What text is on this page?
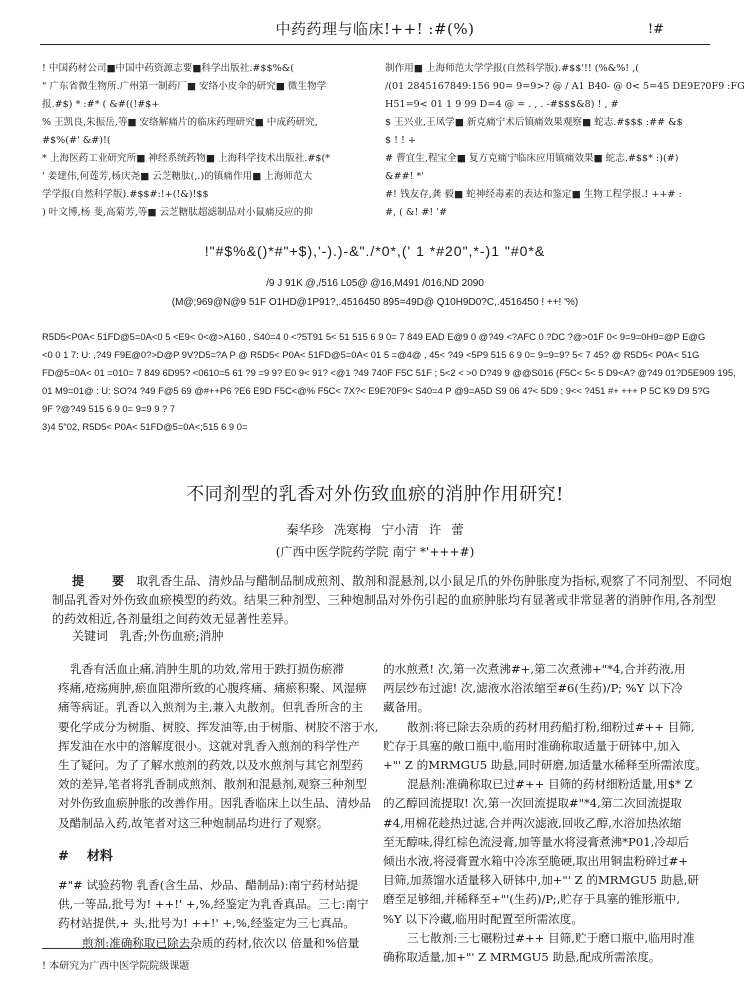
中药药理与临床!++! :#(%)	!#
! 中国药材公司■中国中药资源志要■科学出版社.#$$%&(
" 广东省微生物所.广州第一制药厂■ 安络小皮伞的研究■ 微生物学
报.#$) * :#* ( &#((!#$+
% 王凯良,朱振岳,等■ 安络解痛片的临床药理研究■ 中成药研究,
#$%(#' &#)!(
* 上海医药工业研究所■ 神经系统药物■ 上海科学技术出版社.#$(*
' 姜建伟,何莲芳,杨庆尧■ 云芝糖肽(,.)的镇痛作用■ 上海师范大
学学报(自然科学版).#$$#:!+(!&)!$$
) 叶文博,杨 斐,高菊芳,等■ 云芝糖肽超滤制品对小鼠痛反应的抑
制作用■ 上海师范大学学报(自然科学版).#$$'!! (%&%! ,(
/(01 2845167849:156 90= 9=9>? @ / A1 B40- @ 0< 5=45 DE9E?0F9 :FG
H51=9< 01 1 9 99 D=4 @ = . , . -#$$$&8) ! , #
$ 王兴业,王凤学■ 新克痛宁术后镇痛效果观察■ 蛇志.#$$$ :## &$
$ ! ! +
# 曹宜生,程宝全■ 复方克痛宁临床应用镇痛效果■ 蛇志.#$$* :)(#)
&##! *'
#! 钱友存,龚 毅■ 蛇神经毒素的表达和鉴定■ 生物工程学报.! ++# :
#, ( &! #! '#
!"#$%&()*#"+$),'-).)-&"./*0*,(' 1 *#20",*-)1 "#0*&
/9 J 91K @,/516 L05@ @16,M491 /016,ND 2090
(M@;969@N@9 51F O1HD@1P91?,.4516450 895=49D@ Q10H9D0?C,.4516450 ! ++! '%)
R5D5<P0A< 51FD@5=0A<0 5 <E9< 0<@>A160 , S40=4 0 <?5T91 5< 51 515 6 9 0= 7 849 EAD E@9 0 @?49 <?AFC 0 ?DC ?@>01F 0< 9=9=0H9=@P E@G
<0 0 1 7: U: ,?49 F9E@0?>D@P 9V?D5=?A P @ R5D5< P0A< 51FD@5=0A< 01 5 =@4@ , 45< ?49 <5P9 515 6 9 0= 9=9=9? 5< 7 45? @ R5D5< P0A< 51G
FD@5=0A< 01 =010= 7 849 6D95? <0610=5 61 ?9 =9 9? E0 9< 91? <@1 ?49 740F F5C 51F ; 5<2 < >0 D?49 9 @@S016 (F5C< 5< 5 D9<A? @?49 01?D5E909 195,
01 M9=01@ : U: SO?4 ?49 F@5 69 @#++P6 ?E6 E9D F5C<@% F5C< 7X?< E9E?0F9< S40=4 P @9=A5D S9 06 4?< 5D9 ; 9<< ?451 #+ +++ P 5C K9 D9 5?G
9F ?@?49 515 6 9 0= 9=9 9 ? 7
3)4 5"02, R5D5< P0A< 51FD@5=0A<;515 6 9 0=
不同剂型的乳香对外伤致血瘀的消肿作用研究!
秦华珍 冼寒梅 宁小清 许 蕾
(广西中医学院药学院 南宁 *'+++#)
提 要取乳香生品、清炒品与醋制品制成煎剂、散剂和混悬剂,以小鼠足爪的外伤肿胀度为指标,观察了不同剂型、不同炮
制品乳香对外伤致血瘀模型的药效。结果三种剂型、三种炮制品对外伤引起的血瘀肿胀均有显著或非常显著的消肿作用,各剂型
的药效相近,各剂量组之间药效无显著性差异。
关键词 乳香;外伤血瘀;消肿
乳香有活血止痛,消肿生肌的功效,常用于跌打损伤瘀滞
疼痛,疮疡痈肿,瘀血阻滞所致的心腹疼痛、痛瘀积聚、风湿痹
痛等病证。乳香以入煎剂为主,兼入丸散剂。但乳香所含的主
要化学成分为树脂、树胶、挥发油等,由于树脂、树胶不溶于水,
挥发油在水中的溶解度很小。这就对乳香入煎剂的科学性产
生了疑问。为了了解水煎剂的药效,以及水煎剂与其它剂型药
效的差异,笔者将乳香制成煎剂、散剂和混悬剂,观察三种剂型
对外伤致血瘀肿胀的改善作用。因乳香临床上以生品、清炒品
及醋制品入药,故笔者对这三种炮制品均进行了观察。
# 材料
#"# 试验药物 乳香(含生品、炒品、醋制品):南宁药材站提
供,一等品,批号为! ++!' +,%,经鉴定为乳香真品。三七:南宁
药材站提供,+ 头,批号为! ++!' +,%,经鉴定为三七真品。
煎剂:准确称取已除去杂质的药材,依次以 倍量和%倍量
的水煎煮! 次,第一次煮沸#+,第二次煮沸+"*4,合并药液,用
两层纱布过滤! 次,滤液水浴浓缩至#6(生药)/P; %Y 以下冷
藏备用。
散剂:将已除去杂质的药材用药船打粉,细粉过#++ 目筛,
贮存于具塞的敞口瓶中,临用时准确称取适量于研钵中,加入
+"' Z 的MRMGU5 助悬,同时研磨,加适量水稀释至所需浓度。
混悬剂:准确称取已过#++ 目筛的药材细粉适量,用$* Z
的乙醇回流提取! 次,第一次回流提取#"*4,第二次回流提取
#4,用棉花趁热过滤,合并两次滤液,回收乙醇,水浴加热浓缩
至无醇味,得红棕色流浸膏,加等量水将浸膏煮沸*P01,冷却后
倾出水液,将浸膏置水箱中冷冻至脆硬,取出用铜盅粉碎过#+
目筛,加蒸馏水适量移入研钵中,加+"' Z 的MRMGU5 助悬,研
磨至足够细,并稀释至+"'(生药)/P;,贮存于具塞的锥形瓶中,
%Y 以下冷藏,临用时配置至所需浓度。
三七散剂:三七碾粉过#++ 目筛,贮于磨口瓶中,临用时准
确称取适量,加+"' Z MRMGU5 助悬,配成所需浓度。
! 本研究为广西中医学院院级课题
